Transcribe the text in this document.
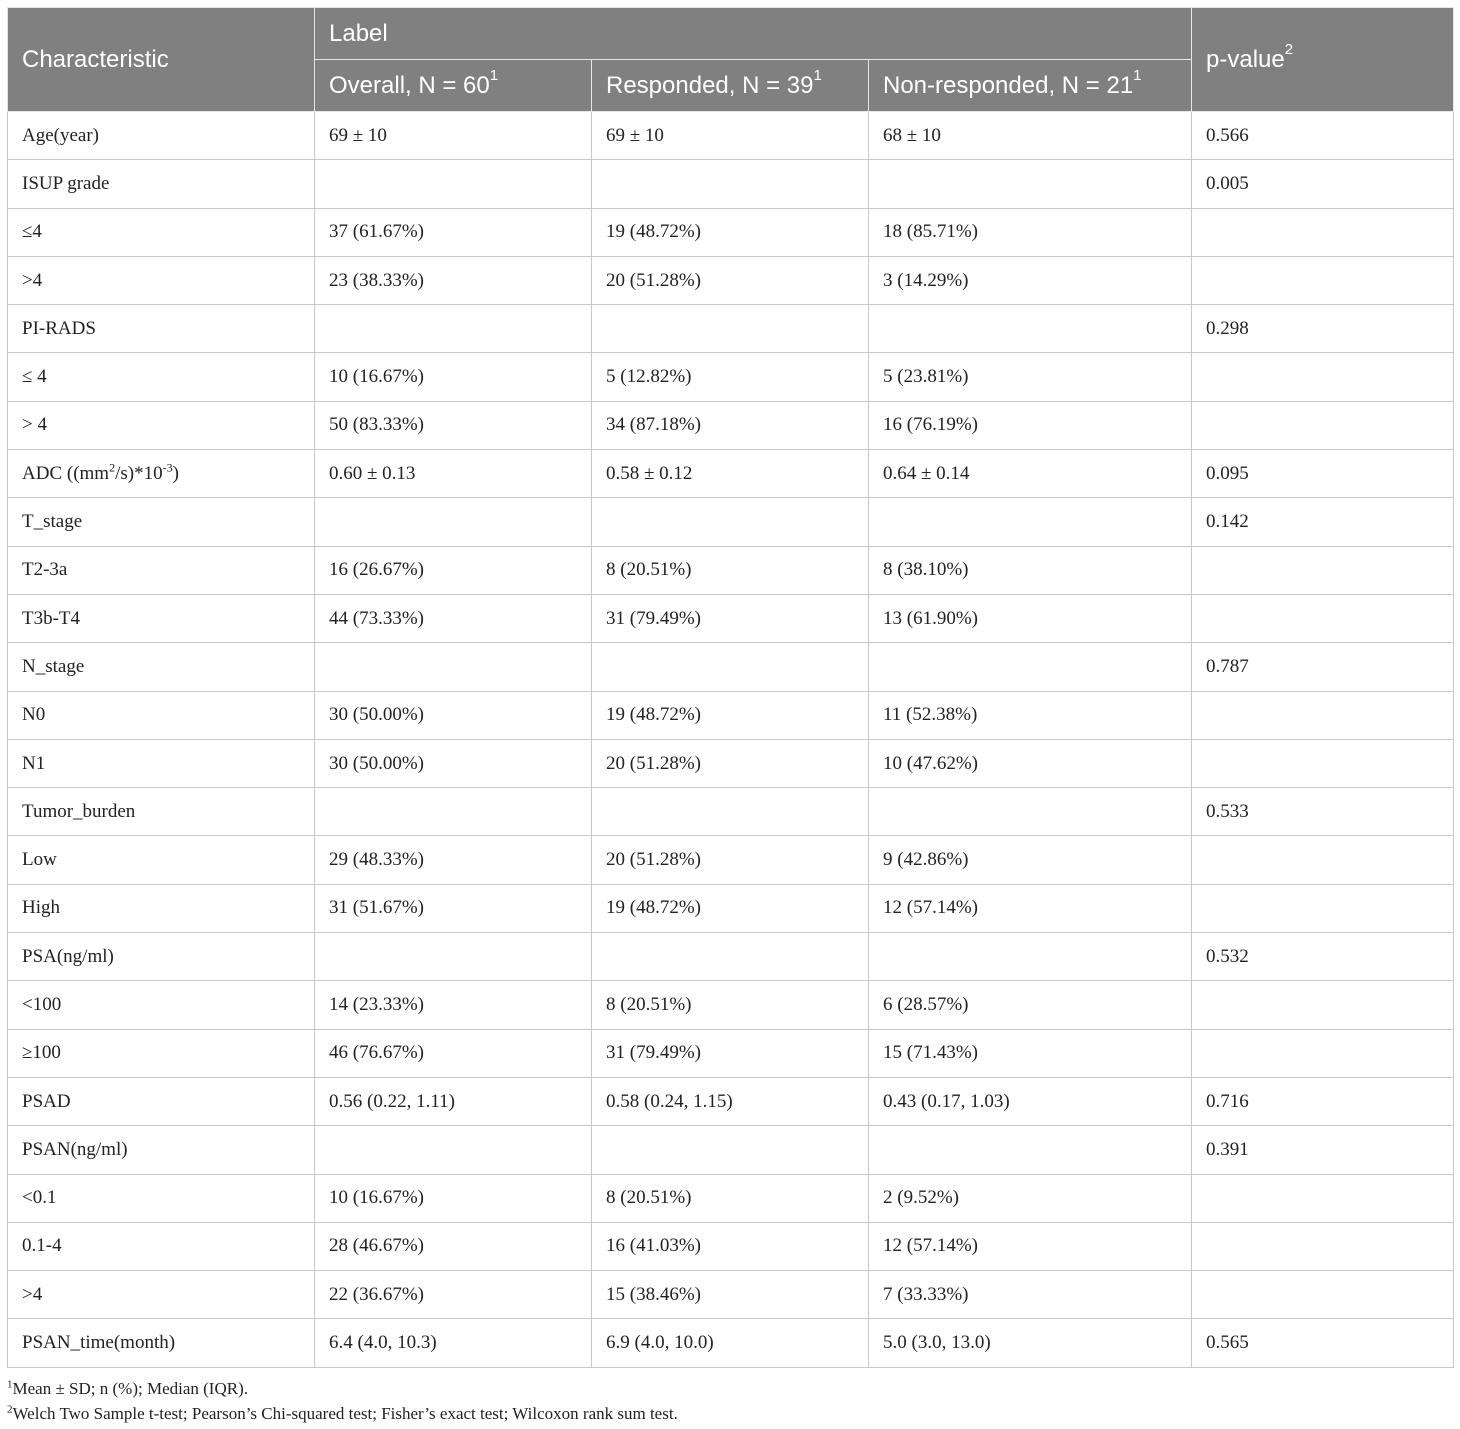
Characteristic	Label			p-value$^2$
	Overall, $N = 60^1$	Responded, $N = 39^1$	Non-responded, $N = 21^1$
Age(year)	69 ± 10	69 ± 10	68 ± 10	0.566
ISUP grade				0.005
≤4	37 (61.67%)	19 (48.72%)	18 (85.71%)	
>4	23 (38.33%)	20 (51.28%)	3 (14.29%)	
PI-RADS				0.298
≤ 4	10 (16.67%)	5 (12.82%)	5 (23.81%)	
> 4	50 (83.33%)	34 (87.18%)	16 (76.19%)	
ADC $((mm^2/s)*10^{-3})$	0.60 ± 0.13	0.58 ± 0.12	0.64 ± 0.14	0.095
T_stage				0.142
T2-3a	16 (26.67%)	8 (20.51%)	8 (38.10%)	
T3b-T4	44 (73.33%)	31 (79.49%)	13 (61.90%)	
N_stage				0.787
N0	30 (50.00%)	19 (48.72%)	11 (52.38%)	
N1	30 (50.00%)	20 (51.28%)	10 (47.62%)	
Tumor_burden				0.533
Low	29 (48.33%)	20 (51.28%)	9 (42.86%)	
High	31 (51.67%)	19 (48.72%)	12 (57.14%)	
PSA(ng/ml)				0.532
<100	14 (23.33%)	8 (20.51%)	6 (28.57%)	
≥100	46 (76.67%)	31 (79.49%)	15 (71.43%)	
PSAD	0.56 (0.22, 1.11)	0.58 (0.24, 1.15)	0.43 (0.17, 1.03)	0.716
PSAN(ng/ml)				0.391
<0.1	10 (16.67%)	8 (20.51%)	2 (9.52%)	
0.1-4	28 (46.67%)	16 (41.03%)	12 (57.14%)	
>4	22 (36.67%)	15 (38.46%)	7 (33.33%)	
PSAN_time(month)	6.4 (4.0, 10.3)	6.9 (4.0, 10.0)	5.0 (3.0, 13.0)	0.565
$^1$Mean ± SD; n (%); Median (IQR).
$^2$Welch Two Sample t-test; Pearson’s Chi-squared test; Fisher’s exact test; Wilcoxon rank sum test.
